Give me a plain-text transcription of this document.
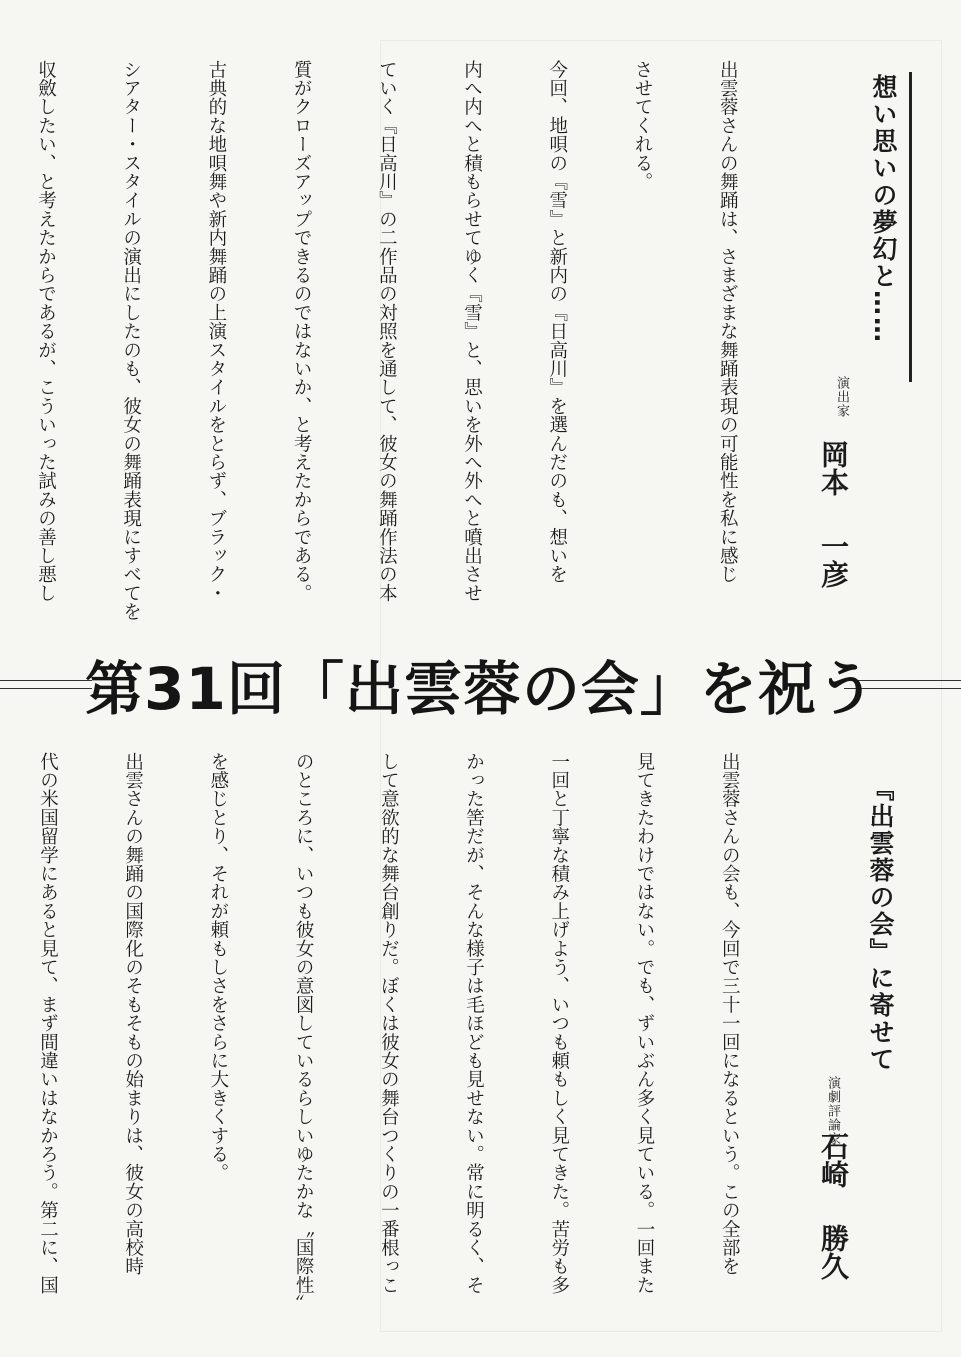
想い思いの夢幻と……
演出家
岡本一彦

出雲蓉さんの舞踊は、さまざまな舞踊表現の可能性を私に感じ

させてくれる。

今回、地唄の『雪』と新内の『日高川』を選んだのも、想いを

内へ内へと積もらせてゆく『雪』と、思いを外へ外へと噴出させ

ていく『日高川』の二作品の対照を通して、彼女の舞踊作法の本

質がクローズアップできるのではないか、と考えたからである。

古典的な地唄舞や新内舞踊の上演スタイルをとらず、ブラック・

シアター・スタイルの演出にしたのも、彼女の舞踊表現にすべてを

収斂したい、と考えたからであるが、こういった試みの善し悪し

第31回「出雲蓉の会」を祝う
『出雲蓉の会』に寄せて
演劇評論家
石崎勝久

出雲蓉さんの会も、今回で三十一回になるという。この全部を

見てきたわけではない。でも、ずいぶん多く見ている。一回また

一回と丁寧な積み上げよう、いつも頼もしく見てきた。苦労も多

かった筈だが、そんな様子は毛ほども見せない。常に明るく、そ

して意欲的な舞台創りだ。ぼくは彼女の舞台つくりの一番根っこ

のところに、いつも彼女の意図しているらしいゆたかな〝国際性〟

を感じとり、それが頼もしさをさらに大きくする。

出雲さんの舞踊の国際化のそもそもの始まりは、彼女の高校時

代の米国留学にあると見て、まず間違いはなかろう。第二に、国
